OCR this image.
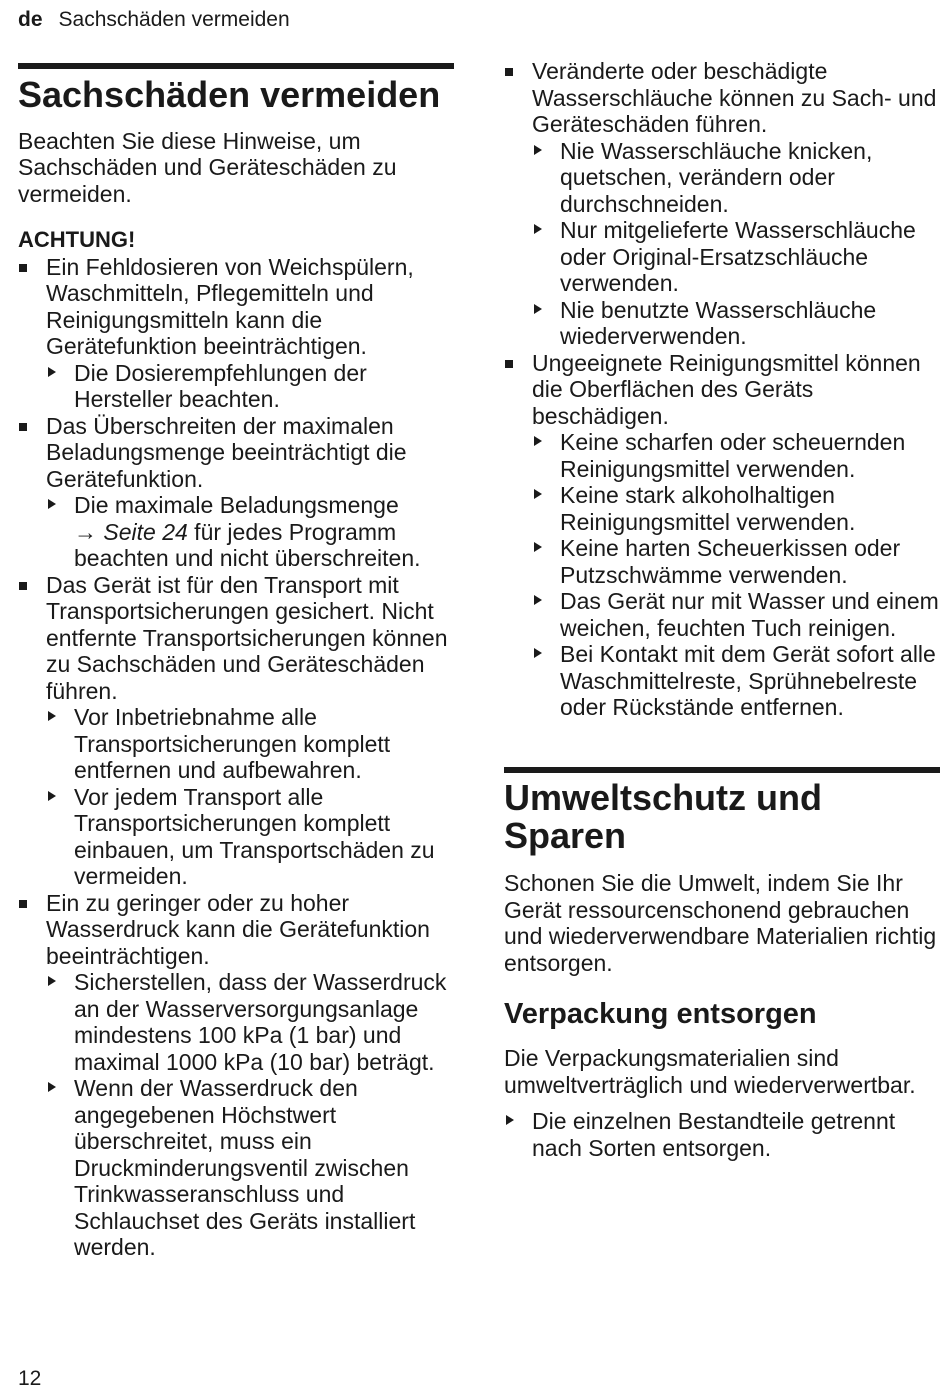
de Sachschäden vermeiden
Sachschäden vermeiden

Beachten Sie diese Hinweise, um Sachschäden und Geräteschäden zu vermeiden.

ACHTUNG!
Ein Fehldosieren von Weichspülern, Waschmitteln, Pflegemitteln und Reinigungsmitteln kann die Gerätefunktion beeinträchtigen.
Die Dosierempfehlungen der Hersteller beachten.
Das Überschreiten der maximalen Beladungsmenge beeinträchtigt die Gerätefunktion.
Die maximale Beladungsmenge → Seite 24 für jedes Programm beachten und nicht überschreiten.
Das Gerät ist für den Transport mit Transportsicherungen gesichert. Nicht entfernte Transportsicherungen können zu Sachschäden und Geräteschäden führen.
Vor Inbetriebnahme alle Transportsicherungen komplett entfernen und aufbewahren.
Vor jedem Transport alle Transportsicherungen komplett einbauen, um Transportschäden zu vermeiden.
Ein zu geringer oder zu hoher Wasserdruck kann die Gerätefunktion beeinträchtigen.
Sicherstellen, dass der Wasserdruck an der Wasserversorgungsanlage mindestens 100 kPa (1 bar) und maximal 1000 kPa (10 bar) beträgt.
Wenn der Wasserdruck den angegebenen Höchstwert überschreitet, muss ein Druckminderungsventil zwischen Trinkwasseranschluss und Schlauchset des Geräts installiert werden.
Veränderte oder beschädigte Wasserschläuche können zu Sach- und Geräteschäden führen.
Nie Wasserschläuche knicken, quetschen, verändern oder durchschneiden.
Nur mitgelieferte Wasserschläuche oder Original-Ersatzschläuche verwenden.
Nie benutzte Wasserschläuche wiederverwenden.
Ungeeignete Reinigungsmittel können die Oberflächen des Geräts beschädigen.
Keine scharfen oder scheuernden Reinigungsmittel verwenden.
Keine stark alkoholhaltigen Reinigungsmittel verwenden.
Keine harten Scheuerkissen oder Putzschwämme verwenden.
Das Gerät nur mit Wasser und einem weichen, feuchten Tuch reinigen.
Bei Kontakt mit dem Gerät sofort alle Waschmittelreste, Sprühnebelreste oder Rückstände entfernen.
Umweltschutz und Sparen

Schonen Sie die Umwelt, indem Sie Ihr Gerät ressourcenschonend gebrauchen und wiederverwendbare Materialien richtig entsorgen.

Verpackung entsorgen

Die Verpackungsmaterialien sind umweltverträglich und wiederverwertbar.

Die einzelnen Bestandteile getrennt nach Sorten entsorgen.
12
